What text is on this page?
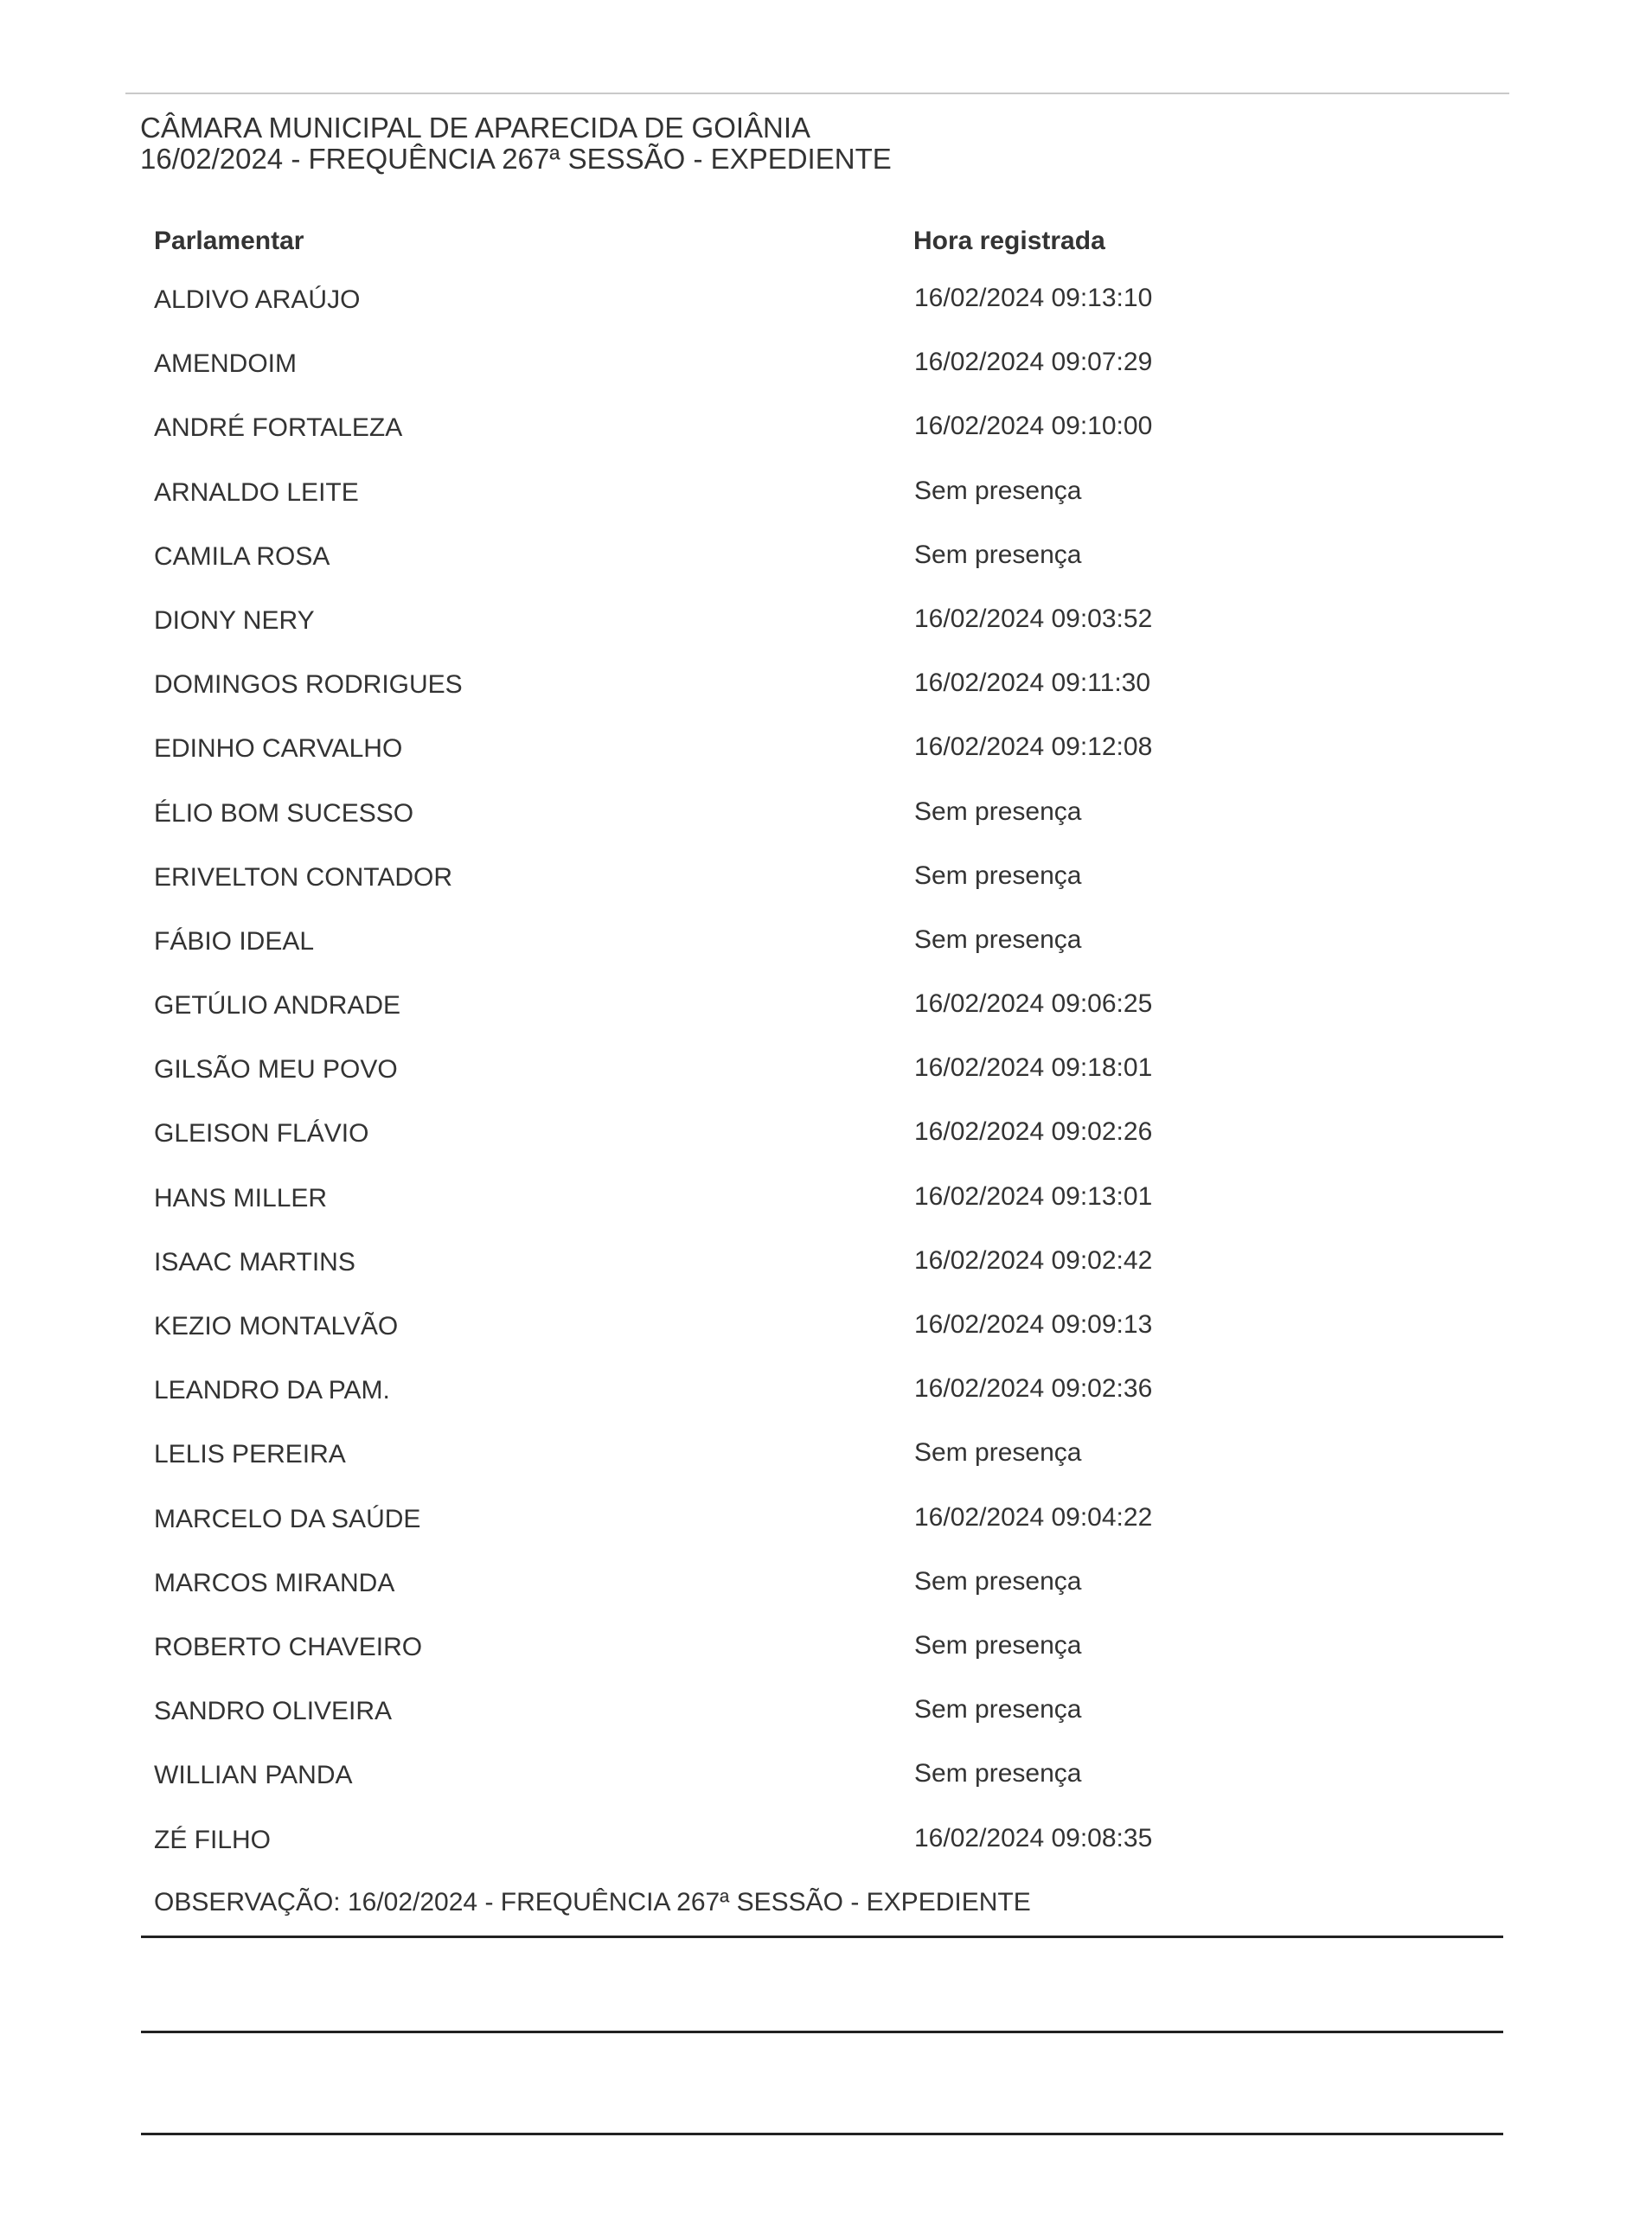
CÂMARA MUNICIPAL DE APARECIDA DE GOIÂNIA
16/02/2024 - FREQUÊNCIA 267ª SESSÃO - EXPEDIENTE
Parlamentar	Hora registrada
ALDIVO ARAÚJO	16/02/2024 09:13:10
AMENDOIM	16/02/2024 09:07:29
ANDRÉ FORTALEZA	16/02/2024 09:10:00
ARNALDO LEITE	Sem presença
CAMILA ROSA	Sem presença
DIONY NERY	16/02/2024 09:03:52
DOMINGOS RODRIGUES	16/02/2024 09:11:30
EDINHO CARVALHO	16/02/2024 09:12:08
ÉLIO BOM SUCESSO	Sem presença
ERIVELTON CONTADOR	Sem presença
FÁBIO IDEAL	Sem presença
GETÚLIO ANDRADE	16/02/2024 09:06:25
GILSÃO MEU POVO	16/02/2024 09:18:01
GLEISON FLÁVIO	16/02/2024 09:02:26
HANS MILLER	16/02/2024 09:13:01
ISAAC MARTINS	16/02/2024 09:02:42
KEZIO MONTALVÃO	16/02/2024 09:09:13
LEANDRO DA PAM.	16/02/2024 09:02:36
LELIS PEREIRA	Sem presença
MARCELO DA SAÚDE	16/02/2024 09:04:22
MARCOS MIRANDA	Sem presença
ROBERTO CHAVEIRO	Sem presença
SANDRO OLIVEIRA	Sem presença
WILLIAN PANDA	Sem presença
ZÉ FILHO	16/02/2024 09:08:35
OBSERVAÇÃO: 16/02/2024 - FREQUÊNCIA 267ª SESSÃO - EXPEDIENTE
